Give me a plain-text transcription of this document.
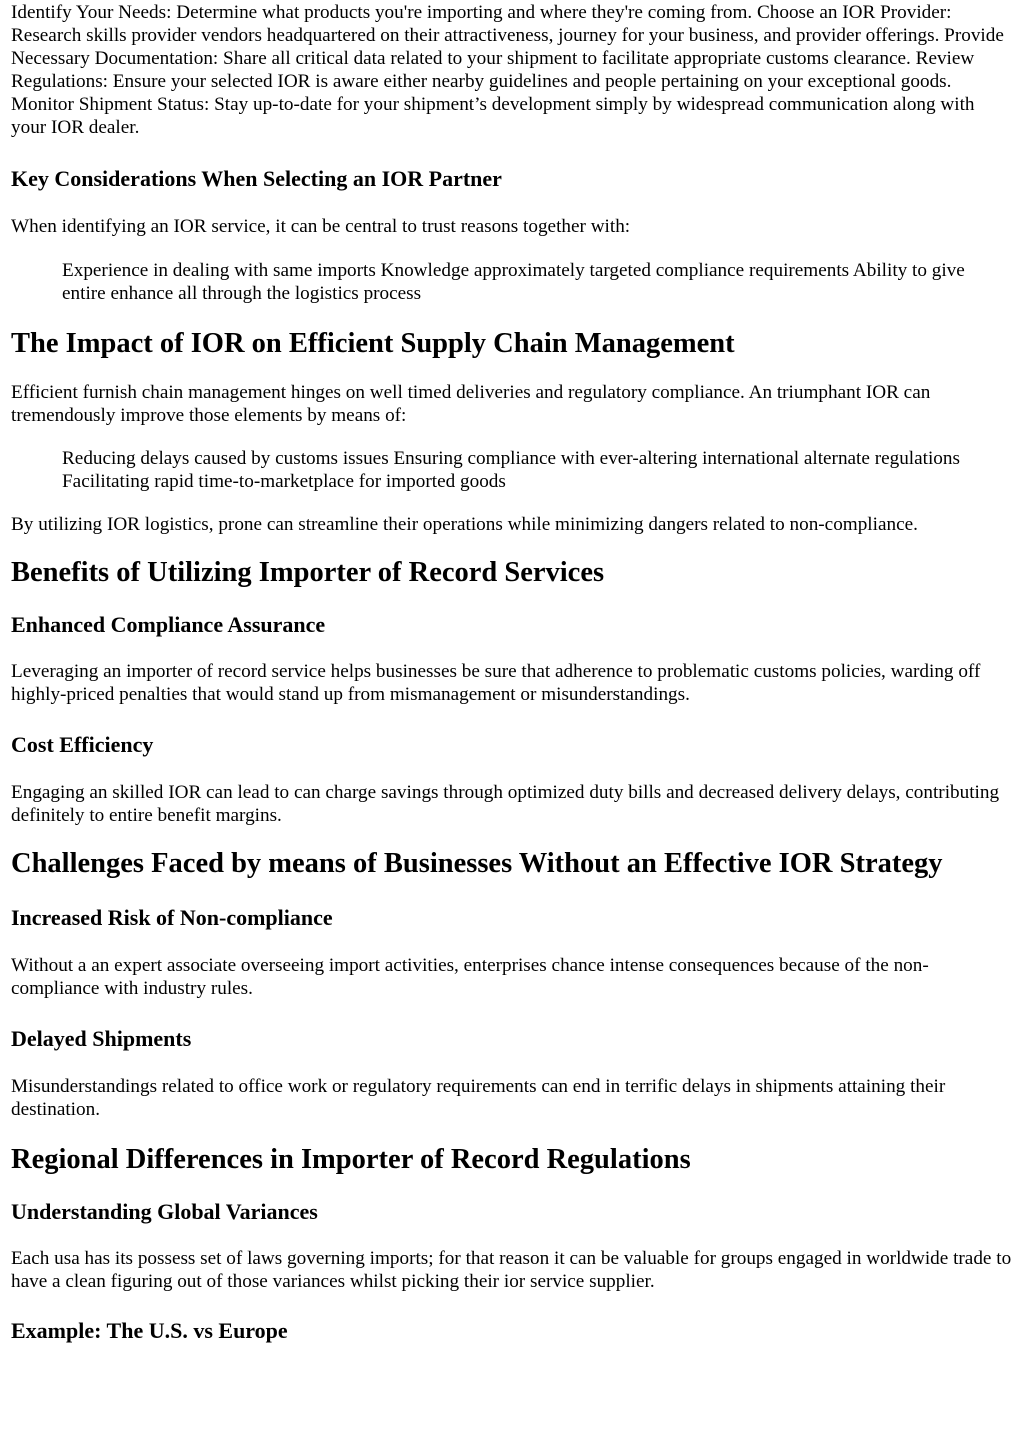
Identify Your Needs: Determine what products you're importing and where they're coming from. Choose an IOR Provider: Research skills provider vendors headquartered on their attractiveness, journey for your business, and provider offerings. Provide Necessary Documentation: Share all critical data related to your shipment to facilitate appropriate customs clearance. Review Regulations: Ensure your selected IOR is aware either nearby guidelines and people pertaining on your exceptional goods. Monitor Shipment Status: Stay up-to-date for your shipment’s development simply by widespread communication along with your IOR dealer.

Key Considerations When Selecting an IOR Partner

When identifying an IOR service, it can be central to trust reasons together with:

Experience in dealing with same imports Knowledge approximately targeted compliance requirements Ability to give entire enhance all through the logistics process
The Impact of IOR on Efficient Supply Chain Management

Efficient furnish chain management hinges on well timed deliveries and regulatory compliance. An triumphant IOR can tremendously improve those elements by means of:

Reducing delays caused by customs issues Ensuring compliance with ever-altering international alternate regulations Facilitating rapid time-to-marketplace for imported goods

By utilizing IOR logistics, prone can streamline their operations while minimizing dangers related to non-compliance.

Benefits of Utilizing Importer of Record Services
Enhanced Compliance Assurance

Leveraging an importer of record service helps businesses be sure that adherence to problematic customs policies, warding off highly-priced penalties that would stand up from mismanagement or misunderstandings.

Cost Efficiency

Engaging an skilled IOR can lead to can charge savings through optimized duty bills and decreased delivery delays, contributing definitely to entire benefit margins.

Challenges Faced by means of Businesses Without an Effective IOR Strategy
Increased Risk of Non-compliance

Without a an expert associate overseeing import activities, enterprises chance intense consequences because of the non-compliance with industry rules.

Delayed Shipments

Misunderstandings related to office work or regulatory requirements can end in terrific delays in shipments attaining their destination.

Regional Differences in Importer of Record Regulations
Understanding Global Variances

Each usa has its possess set of laws governing imports; for that reason it can be valuable for groups engaged in worldwide trade to have a clean figuring out of those variances whilst picking their ior service supplier.

Example: The U.S. vs Europe
